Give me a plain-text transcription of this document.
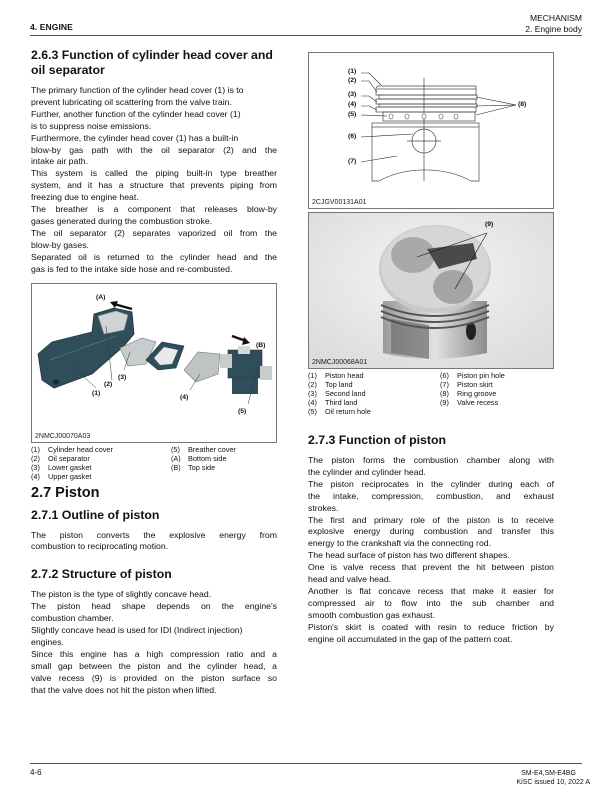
4. ENGINE
MECHANISM
2. Engine body
2.6.3 Function of cylinder head cover and
oil separator

The primary function of the cylinder head cover (1) is to
prevent lubricating oil scattering from the valve train.
Further, another function of the cylinder head cover (1)
is to suppress noise emissions.
Furthermore, the cylinder head cover (1) has a built-in
blow-by gas path with the oil separator (2) and the
intake air path.
This system is called the piping built-in type breather
system, and it has a structure that prevents piping from
freezing due to engine heat.
The breather is a component that releases blow-by
gases generated during the combustion stroke.
The oil separator (2) separates vaporized oil from the
blow-by gases.
Separated oil is returned to the cylinder head and the
gas is fed to the intake side hose and re-combusted.

(A)
(B)
(1)
(2)
(3)
(4)
(5)
2NMCJ00070A03
(1)	Cylinder head cover
(2)	Oil separator
(3)	Lower gasket
(4)	Upper gasket
(5)	Breather cover
(A) Bottom side
(B) Top side
2.7 Piston
2.7.1 Outline of piston

The piston converts the explosive energy from
combustion to reciprocating motion.

2.7.2 Structure of piston

The piston is the type of slightly concave head.
The piston head shape depends on the engine's
combustion chamber.
Slightly concave head is used for IDI (Indirect injection)
engines.
Since this engine has a high compression ratio and a
small gap between the piston and the cylinder head, a
valve recess (9) is provided on the piston surface so
that the valve does not hit the piston when lifted.

(1)
(2)
(3)
(4)
(5)
(6)
(7)
(8)
2CJGV00131A01
(9)
2NMCJ00068A01
(1)	Piston head
(2)	Top land
(3)	Second land
(4)	Third land
(5)	Oil return hole
(6)	Piston pin hole
(7)	Piston skirt
(8)	Ring groove
(9)	Valve recess
2.7.3 Function of piston

The piston forms the combustion chamber along with
the cylinder and cylinder head.
The piston reciprocates in the cylinder during each of
the intake, compression, combustion, and exhaust
strokes.
The first and primary role of the piston is to receive
explosive energy during combustion and transfer this
energy to the crankshaft via the connecting rod.
The head surface of piston has two different shapes.
One is valve recess that prevent the hit between piston
head and valve head.
Another is flat concave recess that make it easier for
compressed air to flow into the sub chamber and
smooth combustion gas exhaust.
Piston's skirt is coated with resin to reduce friction by
engine oil accumulated in the gap of the pattern coat.

4-6	SM-E4,SM-E4BG
KiSC issued 10, 2022 A
